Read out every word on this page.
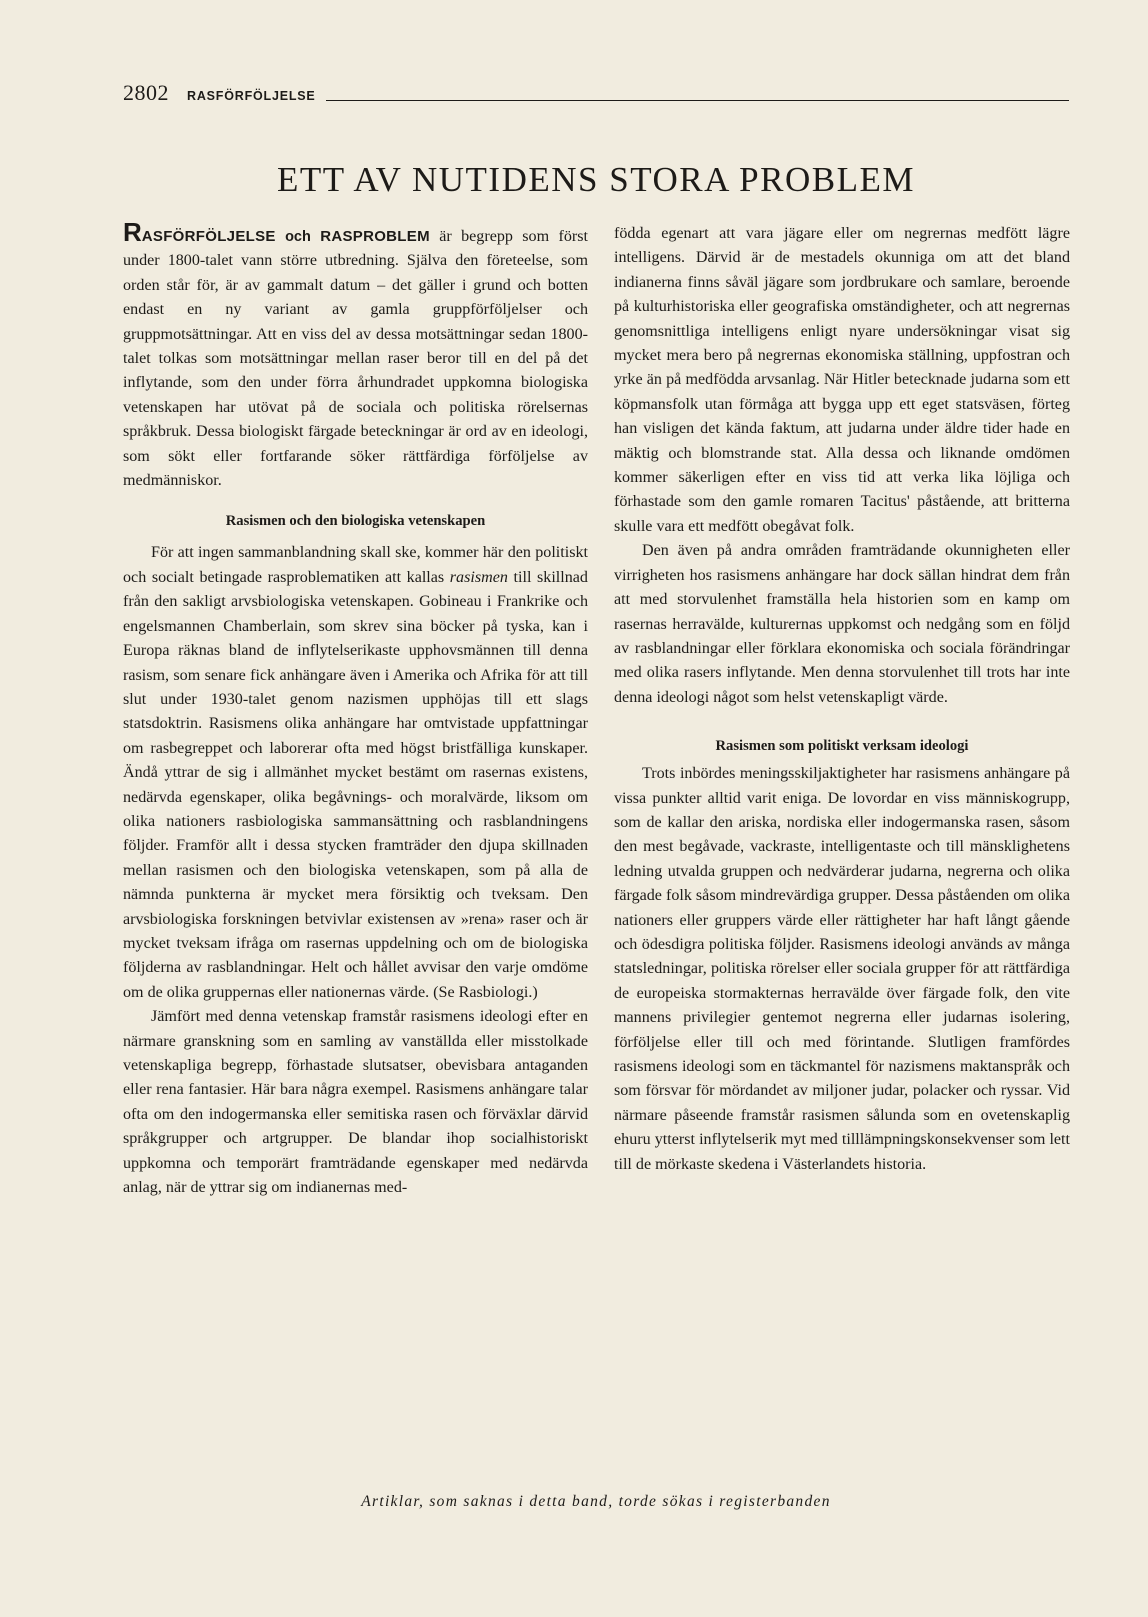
2802 RASFÖRFÖLJELSE
ETT AV NUTIDENS STORA PROBLEM

RASFÖRFÖLJELSE och RASPROBLEM är begrepp som först under 1800-talet vann större utbredning. Själva den företeelse, som orden står för, är av gammalt datum – det gäller i grund och botten endast en ny variant av gamla gruppförföljelser och gruppmotsättningar. Att en viss del av dessa motsättningar sedan 1800-talet tolkas som motsättningar mellan raser beror till en del på det inflytande, som den under förra århundradet uppkomna biologiska vetenskapen har utövat på de sociala och politiska rörelsernas språkbruk. Dessa biologiskt färgade beteckningar är ord av en ideologi, som sökt eller fortfarande söker rättfärdiga förföljelse av medmänniskor.

Rasismen och den biologiska vetenskapen

För att ingen sammanblandning skall ske, kommer här den politiskt och socialt betingade rasproblematiken att kallas rasismen till skillnad från den sakligt arvsbiologiska vetenskapen. Gobineau i Frankrike och engelsmannen Chamberlain, som skrev sina böcker på tyska, kan i Europa räknas bland de inflytelserikaste upphovsmännen till denna rasism, som senare fick anhängare även i Amerika och Afrika för att till slut under 1930-talet genom nazismen upphöjas till ett slags statsdoktrin. Rasismens olika anhängare har omtvistade uppfattningar om rasbegreppet och laborerar ofta med högst bristfälliga kunskaper. Ändå yttrar de sig i allmänhet mycket bestämt om rasernas existens, nedärvda egenskaper, olika begåvnings- och moralvärde, liksom om olika nationers rasbiologiska sammansättning och rasblandningens följder. Framför allt i dessa stycken framträder den djupa skillnaden mellan rasismen och den biologiska vetenskapen, som på alla de nämnda punkterna är mycket mera försiktig och tveksam. Den arvsbiologiska forskningen betvivlar existensen av »rena» raser och är mycket tveksam ifråga om rasernas uppdelning och om de biologiska följderna av rasblandningar. Helt och hållet avvisar den varje omdöme om de olika gruppernas eller nationernas värde. (Se Rasbiologi.)

Jämfört med denna vetenskap framstår rasismens ideologi efter en närmare granskning som en samling av vanställda eller misstolkade vetenskapliga begrepp, förhastade slutsatser, obevisbara antaganden eller rena fantasier. Här bara några exempel. Rasismens anhängare talar ofta om den indogermanska eller semitiska rasen och förväxlar därvid språkgrupper och artgrupper. De blandar ihop socialhistoriskt uppkomna och temporärt framträdande egenskaper med nedärvda anlag, när de yttrar sig om indianernas med-

födda egenart att vara jägare eller om negrernas medfött lägre intelligens. Därvid är de mestadels okunniga om att det bland indianerna finns såväl jägare som jordbrukare och samlare, beroende på kulturhistoriska eller geografiska omständigheter, och att negrernas genomsnittliga intelligens enligt nyare undersökningar visat sig mycket mera bero på negrernas ekonomiska ställning, uppfostran och yrke än på medfödda arvsanlag. När Hitler betecknade judarna som ett köpmansfolk utan förmåga att bygga upp ett eget statsväsen, förteg han visligen det kända faktum, att judarna under äldre tider hade en mäktig och blomstrande stat. Alla dessa och liknande omdömen kommer säkerligen efter en viss tid att verka lika löjliga och förhastade som den gamle romaren Tacitus' påstående, att britterna skulle vara ett medfött obegåvat folk.

Den även på andra områden framträdande okunnigheten eller virrigheten hos rasismens anhängare har dock sällan hindrat dem från att med storvulenhet framställa hela historien som en kamp om rasernas herravälde, kulturernas uppkomst och nedgång som en följd av rasblandningar eller förklara ekonomiska och sociala förändringar med olika rasers inflytande. Men denna storvulenhet till trots har inte denna ideologi något som helst vetenskapligt värde.

Rasismen som politiskt verksam ideologi

Trots inbördes meningsskiljaktigheter har rasismens anhängare på vissa punkter alltid varit eniga. De lovordar en viss människogrupp, som de kallar den ariska, nordiska eller indogermanska rasen, såsom den mest begåvade, vackraste, intelligentaste och till mänsklighetens ledning utvalda gruppen och nedvärderar judarna, negrerna och olika färgade folk såsom mindrevärdiga grupper. Dessa påståenden om olika nationers eller gruppers värde eller rättigheter har haft långt gående och ödesdigra politiska följder. Rasismens ideologi används av många statsledningar, politiska rörelser eller sociala grupper för att rättfärdiga de europeiska stormakternas herravälde över färgade folk, den vite mannens privilegier gentemot negrerna eller judarnas isolering, förföljelse eller till och med förintande. Slutligen framfördes rasismens ideologi som en täckmantel för nazismens maktanspråk och som försvar för mördandet av miljoner judar, polacker och ryssar. Vid närmare påseende framstår rasismen sålunda som en ovetenskaplig ehuru ytterst inflytelserik myt med tilllämpningskonsekvenser som lett till de mörkaste skedena i Västerlandets historia.

Artiklar, som saknas i detta band, torde sökas i registerbanden
